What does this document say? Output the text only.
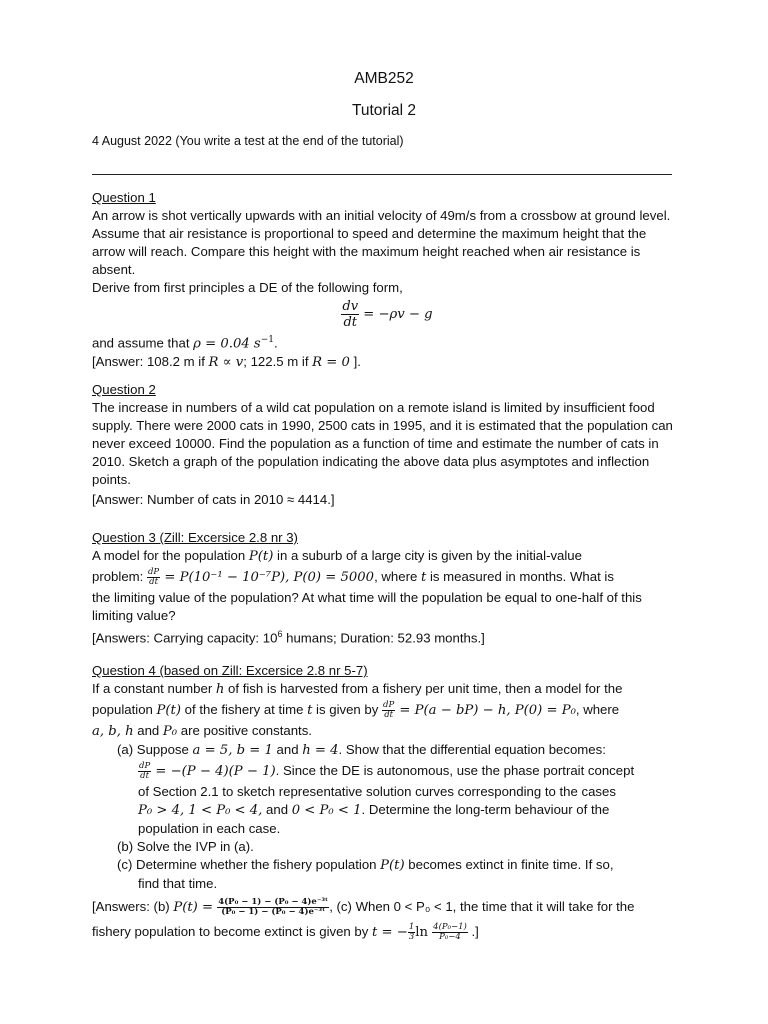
AMB252
Tutorial 2
4 August 2022 (You write a test at the end of the tutorial)
Question 1
An arrow is shot vertically upwards with an initial velocity of 49m/s from a crossbow at ground level. Assume that air resistance is proportional to speed and determine the maximum height that the arrow will reach. Compare this height with the maximum height reached when air resistance is absent.
Derive from first principles a DE of the following form,
$\frac{dv}{dt} = -\rho v - g$
and assume that ρ = 0.04 $s^{-1}$.
[Answer: 108.2 m if R ∝ v; 122.5 m if R = 0 ].
Question 2
The increase in numbers of a wild cat population on a remote island is limited by insufficient food supply. There were 2000 cats in 1990, 2500 cats in 1995, and it is estimated that the population can never exceed 10000. Find the population as a function of time and estimate the number of cats in 2010. Sketch a graph of the population indicating the above data plus asymptotes and inflection points.
[Answer: Number of cats in 2010 ≈ 4414.]
Question 3 (Zill: Excersice 2.8 nr 3)
A model for the population P(t) in a suburb of a large city is given by the initial-value
problem: $\frac{dP}{dt} = P(10^{-1} - 10^{-7}P)$, P(0) = 5000, where t is measured in months. What is
the limiting value of the population? At what time will the population be equal to one-half of this limiting value?
[Answers: Carrying capacity: $10^6$ humans; Duration: 52.93 months.]
Question 4 (based on Zill: Excersice 2.8 nr 5-7)
If a constant number h of fish is harvested from a fishery per unit time, then a model for the
population P(t) of the fishery at time t is given by $\frac{dP}{dt} = P(a - bP) - h$, P(0) = P₀, where
a, b, h and P₀ are positive constants.
(a) Suppose a = 5, b = 1 and h = 4. Show that the differential equation becomes:
$\frac{dP}{dt} = -(P - 4)(P - 1)$. Since the DE is autonomous, use the phase portrait concept
of Section 2.1 to sketch representative solution curves corresponding to the cases
P₀ > 4, 1 < P₀ < 4, and 0 < P₀ < 1. Determine the long-term behaviour of the
population in each case.
(b) Solve the IVP in (a).
(c) Determine whether the fishery population P(t) becomes extinct in finite time. If so,
find that time.
[Answers: (b) $P(t) = \frac{\text{4(P₀ − 1) − (P₀ − 4)e⁻³ᵗ}}{\text{(P₀ − 1) − (P₀ − 4)e⁻³ᵗ}}$ , (c) When 0 < P₀ < 1, the time that it will take for the
fishery population to become extinct is given by t = − $\frac{1}{3}$ $\ln \frac{\text{4(P₀−1)}}{\text{P₀−4}}$ .]
